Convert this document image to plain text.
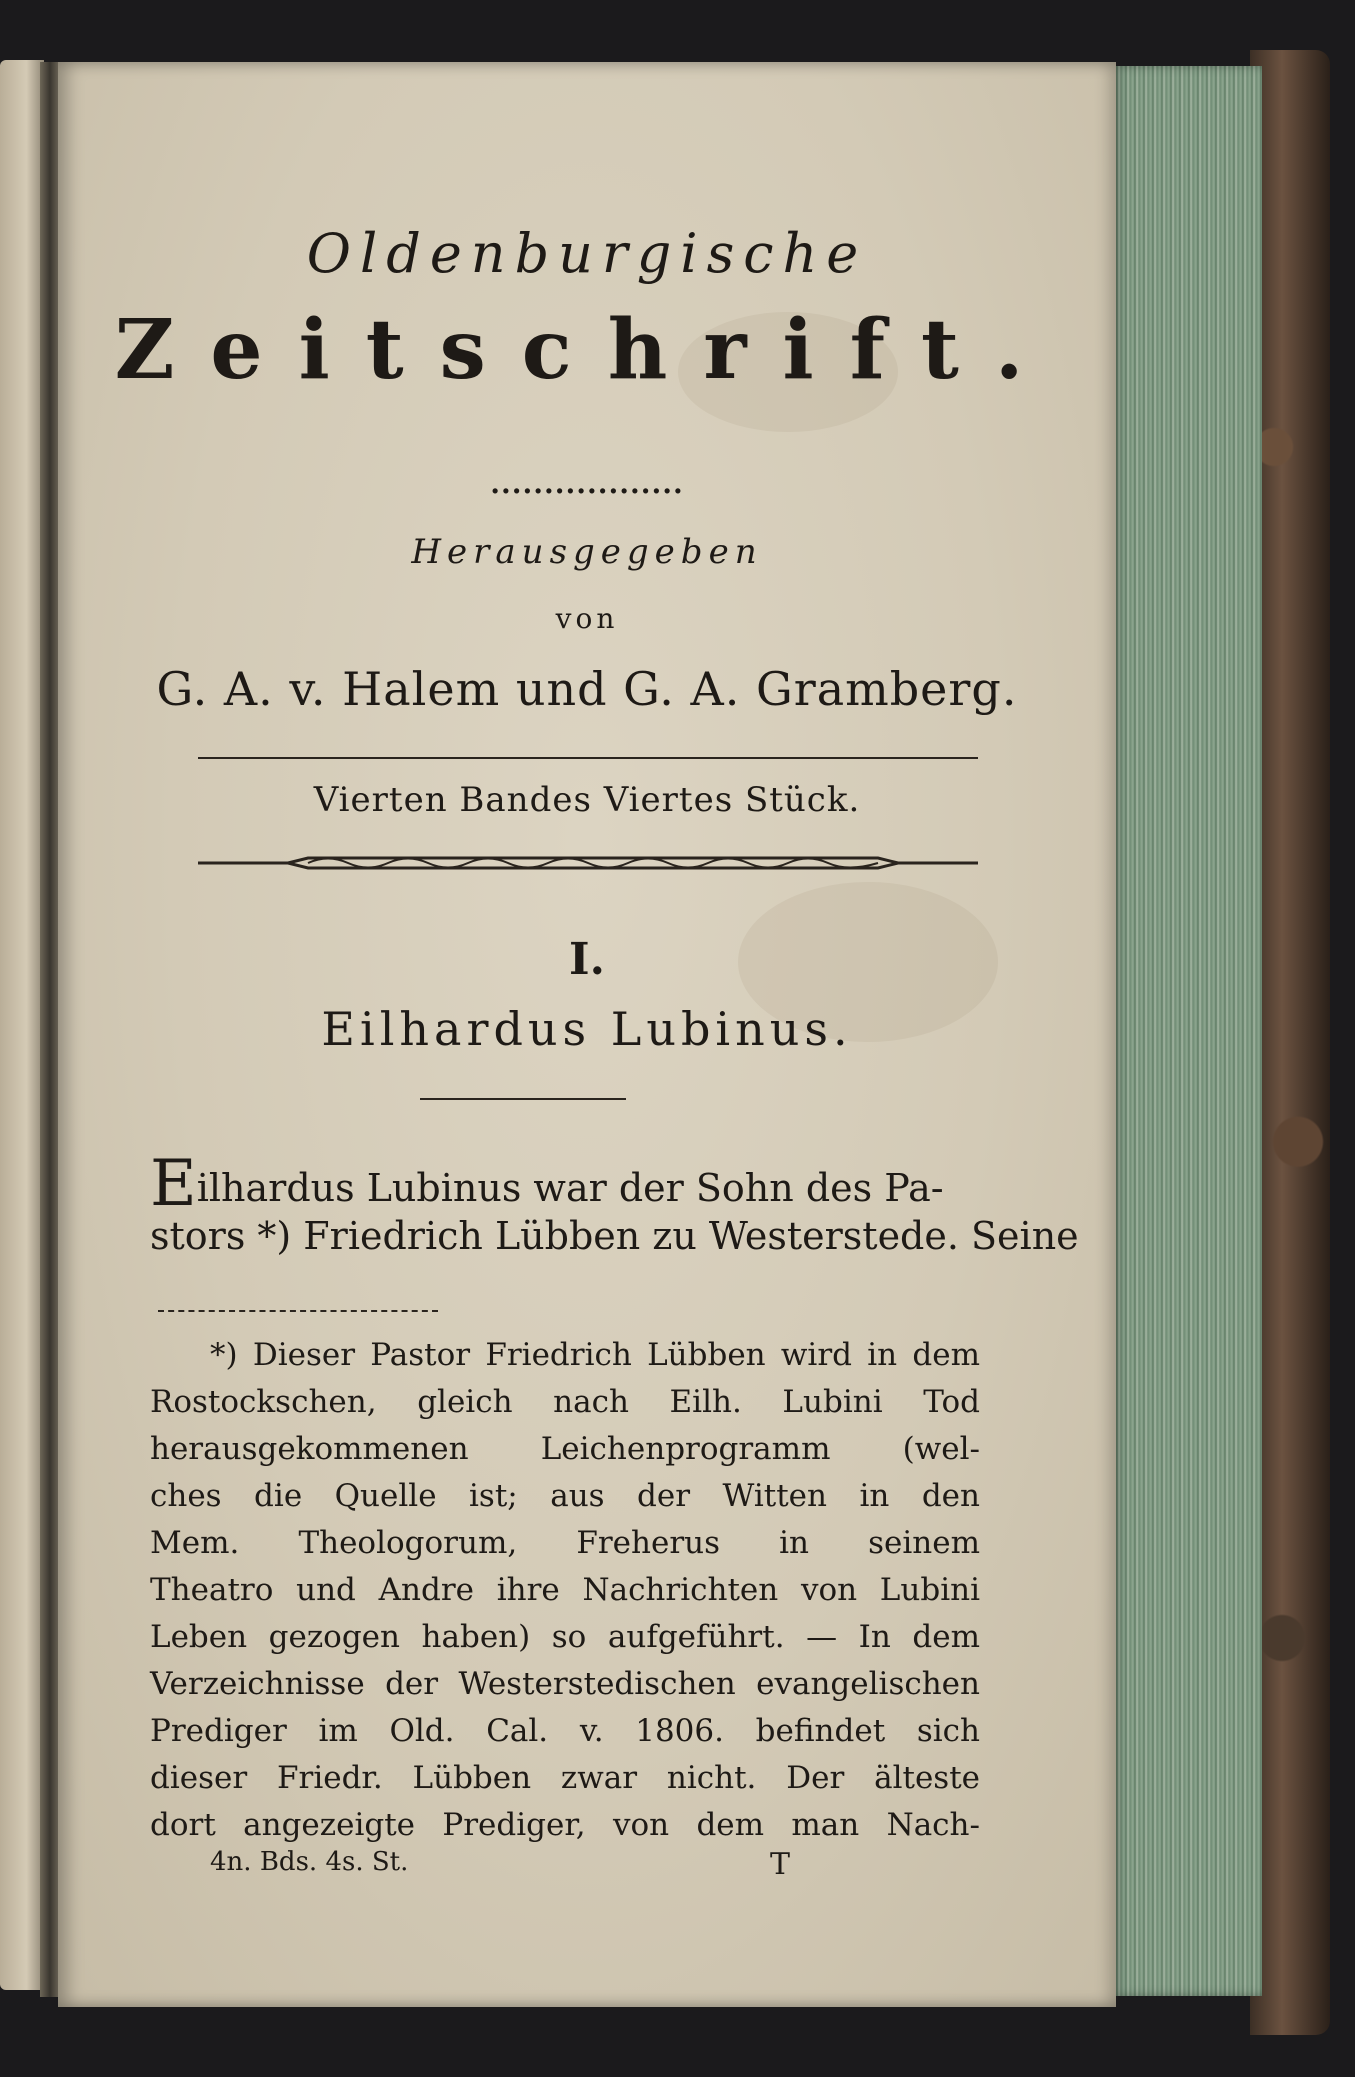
Oldenburgische
Zeitschrift.
..................
Herausgegeben
von
G. A. v. Halem und G. A. Gramberg.
Vierten Bandes Viertes Stück.
I.
Eilhardus Lubinus.
Eilhardus Lubinus war der Sohn des Pa-
stors *) Friedrich Lübben zu Westerstede. Seine
*) Dieser Pastor Friedrich Lübben wird in dem
Rostockschen, gleich nach Eilh. Lubini Tod
herausgekommenen Leichenprogramm (wel-
ches die Quelle ist; aus der Witten in den
Mem. Theologorum, Freherus in seinem
Theatro und Andre ihre Nachrichten von Lubini
Leben gezogen haben) so aufgeführt. — In dem
Verzeichnisse der Westerstedischen evangelischen
Prediger im Old. Cal. v. 1806. befindet sich
dieser Friedr. Lübben zwar nicht. Der älteste
dort angezeigte Prediger, von dem man Nach-
4n. Bds. 4s. St.	T
